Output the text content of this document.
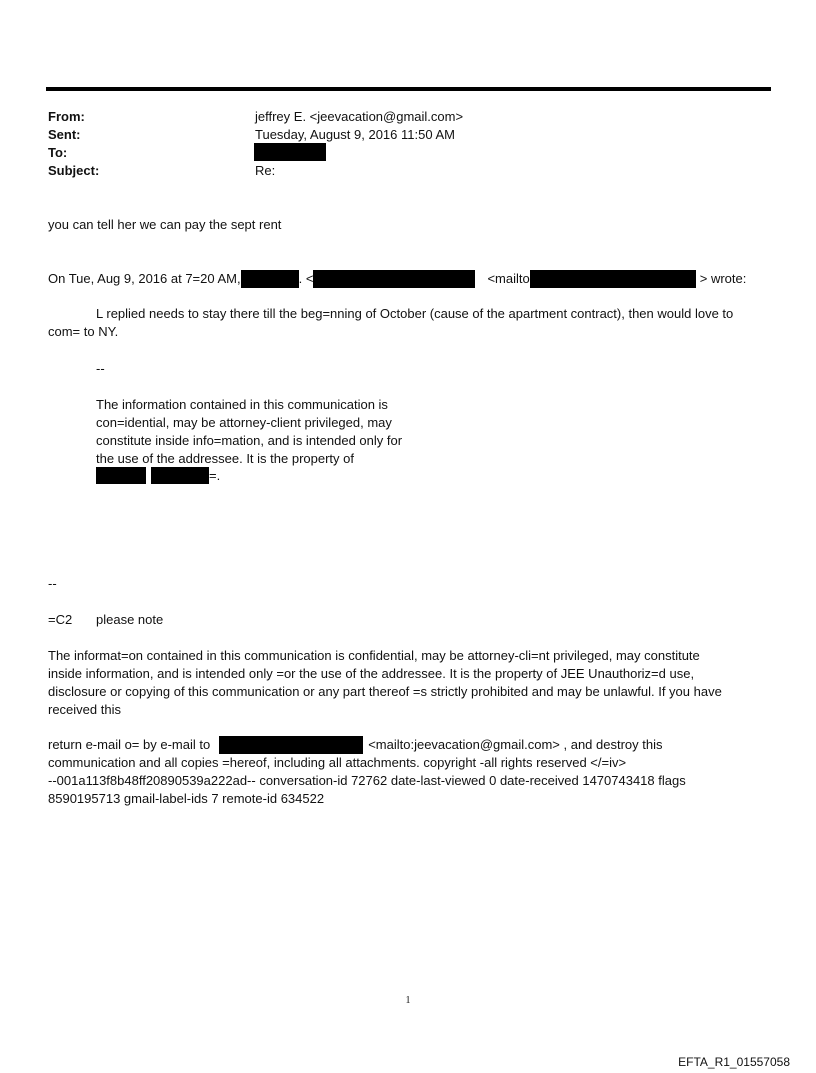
From:	jeffrey E. <jeevacation@gmail.com>
Sent:	Tuesday, August 9, 2016 11:50 AM
To:
Subject:	Re:
you can tell her we can pay the sept rent
On Tue, Aug 9, 2016 at 7=20 AM,	. <	<mailto	> wrote:
L replied needs to stay there till the beg=nning of October (cause of the apartment contract), then would love to
com= to NY.
--
The information contained in this communication is
con=idential, may be attorney-client privileged, may
constitute inside info=mation, and is intended only for
the use of the addressee. It is the property of
=.
--
=C2 please note
The informat=on contained in this communication is confidential, may be attorney-cli=nt privileged, may constitute
inside information, and is intended only =or the use of the addressee. It is the property of JEE Unauthoriz=d use,
disclosure or copying of this communication or any part thereof =s strictly prohibited and may be unlawful. If you have
received this
return e-mail o= by e-mail to	<mailto:jeevacation@gmail.com> , and destroy this
communication and all copies =hereof, including all attachments. copyright -all rights reserved </=iv>
--001a113f8b48ff20890539a222ad-- conversation-id 72762 date-last-viewed 0 date-received 1470743418 flags
8590195713 gmail-label-ids 7 remote-id 634522
1
EFTA_R1_01557058
